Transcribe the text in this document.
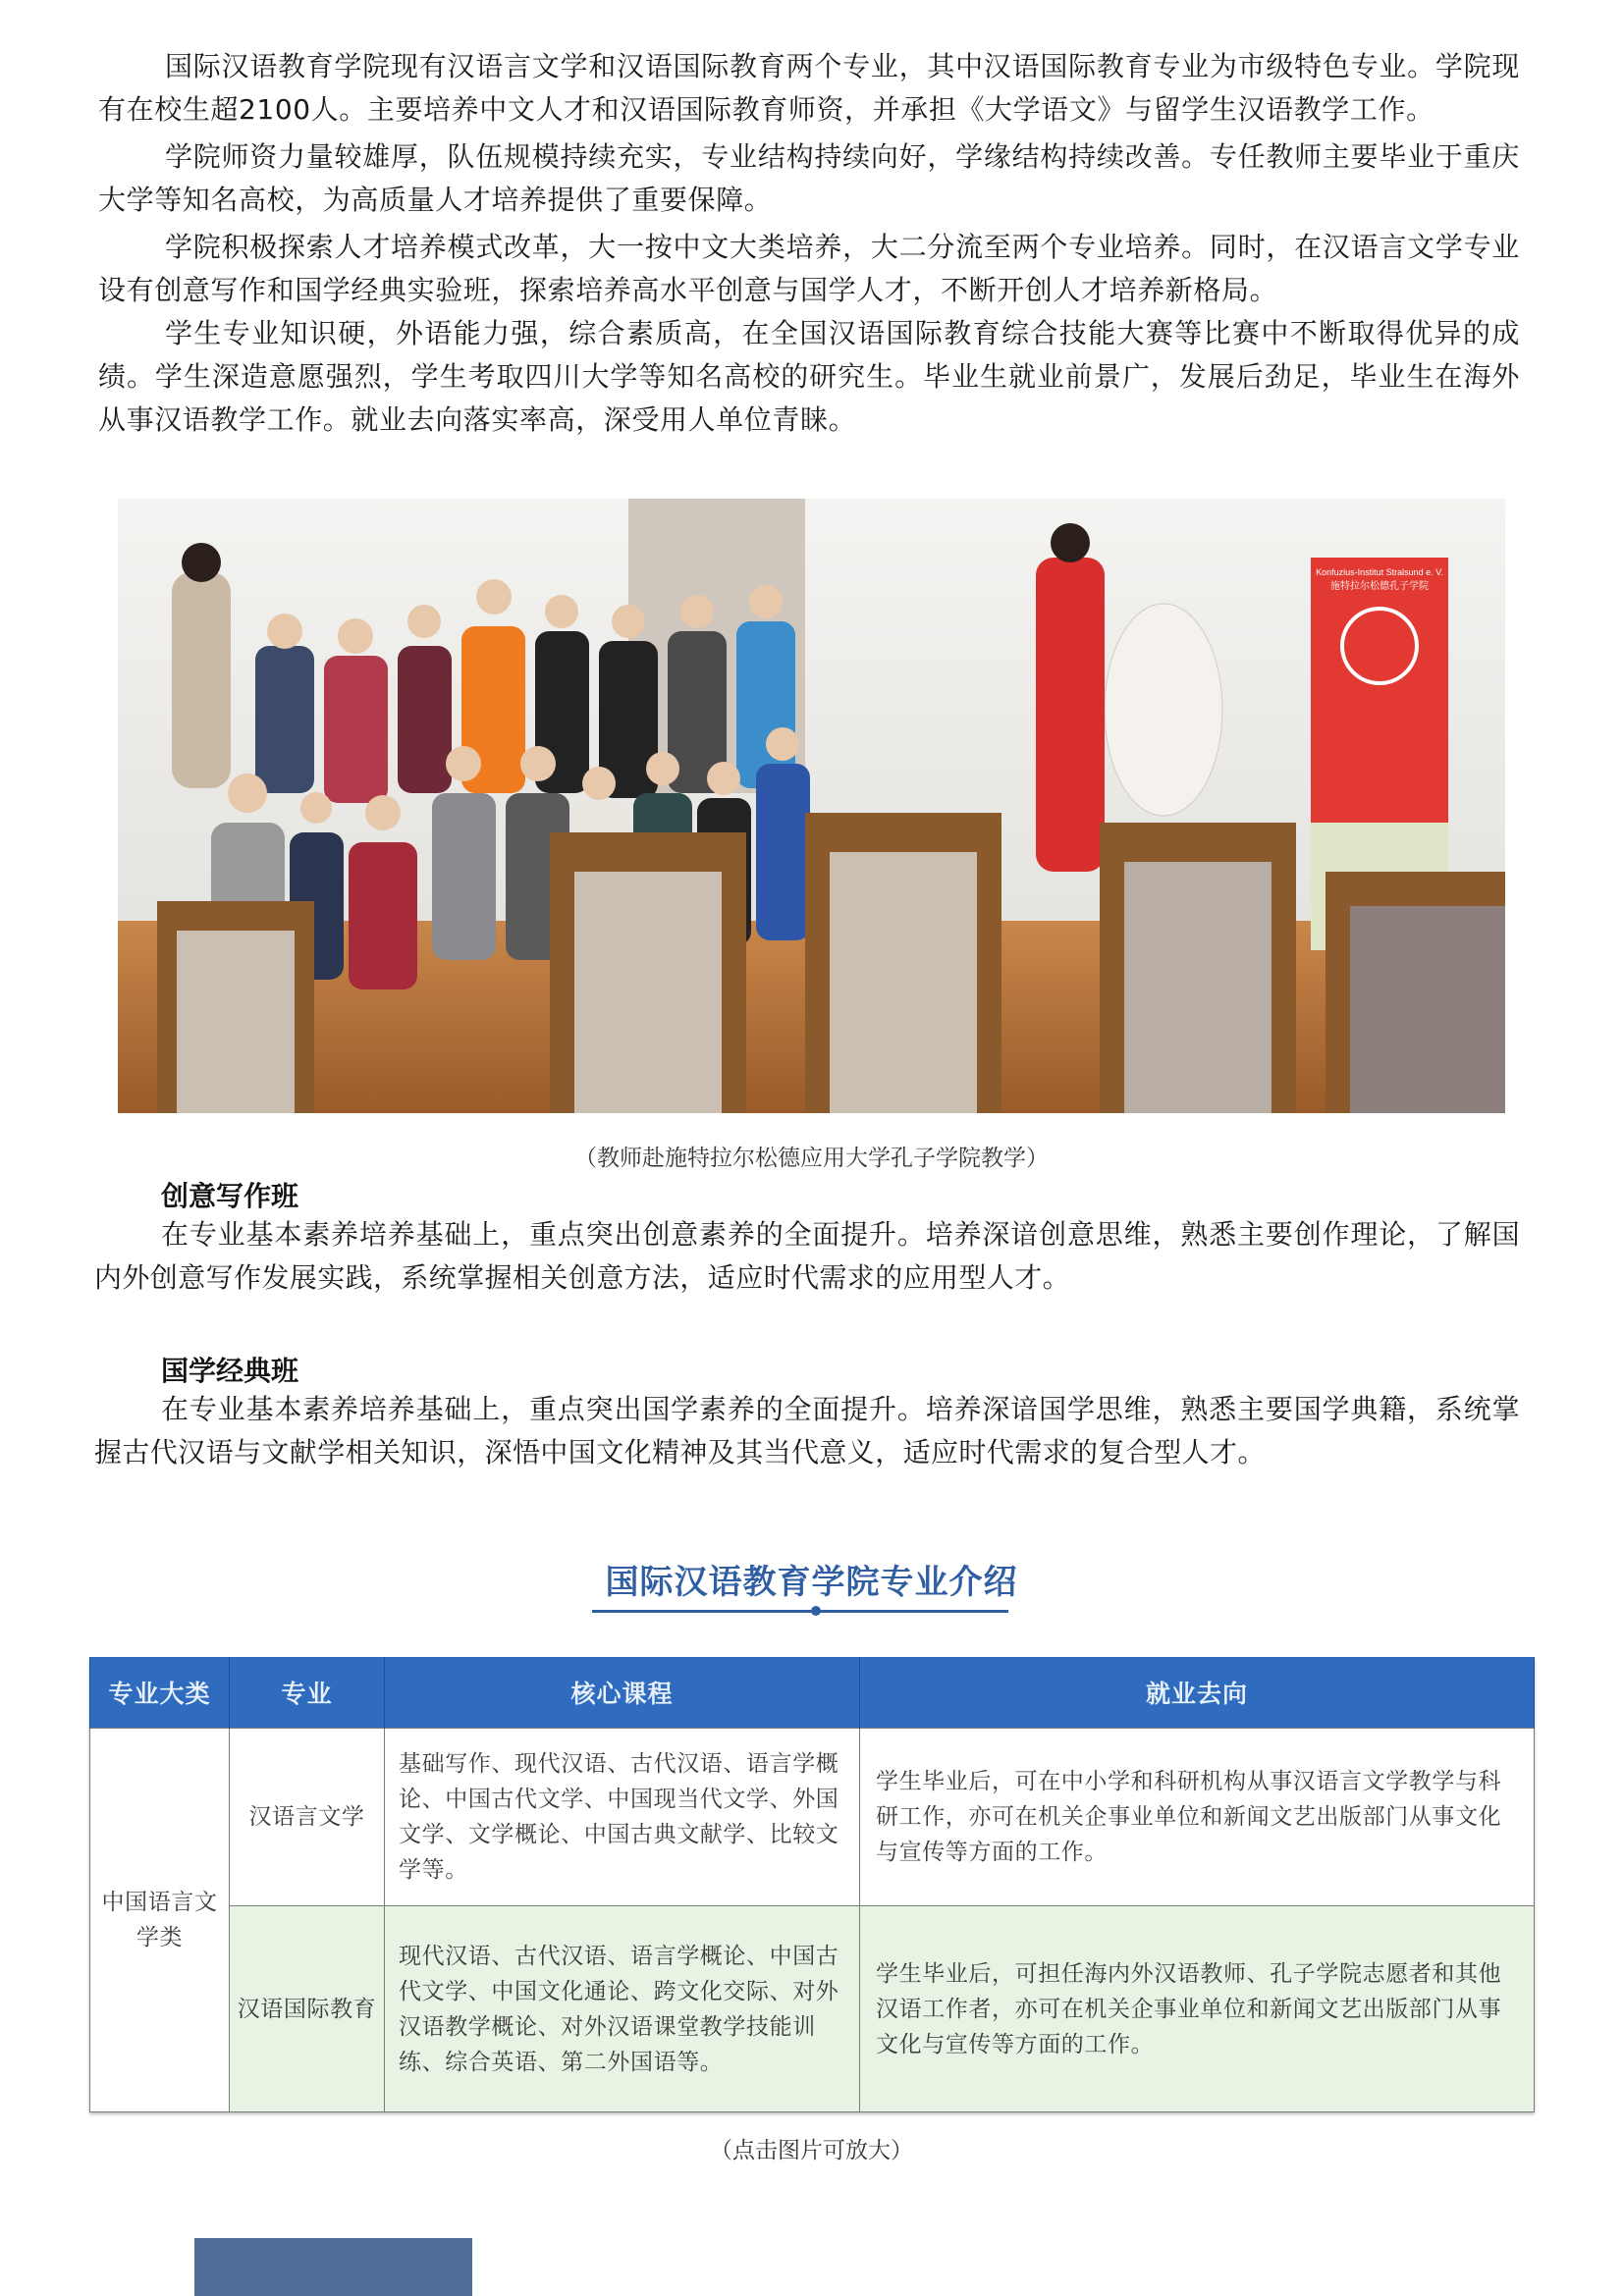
国际汉语教育学院现有汉语言文学和汉语国际教育两个专业，其中汉语国际教育专业为市级特色专业。学院现有在校生超2100人。主要培养中文人才和汉语国际教育师资，并承担《大学语文》与留学生汉语教学工作。

学院师资力量较雄厚，队伍规模持续充实，专业结构持续向好，学缘结构持续改善。专任教师主要毕业于重庆大学等知名高校，为高质量人才培养提供了重要保障。

学院积极探索人才培养模式改革，大一按中文大类培养，大二分流至两个专业培养。同时，在汉语言文学专业设有创意写作和国学经典实验班，探索培养高水平创意与国学人才，不断开创人才培养新格局。

学生专业知识硬，外语能力强，综合素质高，在全国汉语国际教育综合技能大赛等比赛中不断取得优异的成绩。学生深造意愿强烈，学生考取四川大学等知名高校的研究生。毕业生就业前景广，发展后劲足，毕业生在海外从事汉语教学工作。就业去向落实率高，深受用人单位青睐。

Konfuzius-Institut Stralsund e. V.
施特拉尔松德孔子学院
（教师赴施特拉尔松德应用大学孔子学院教学）
创意写作班

在专业基本素养培养基础上，重点突出创意素养的全面提升。培养深谙创意思维，熟悉主要创作理论，了解国内外创意写作发展实践，系统掌握相关创意方法，适应时代需求的应用型人才。

国学经典班

在专业基本素养培养基础上，重点突出国学素养的全面提升。培养深谙国学思维，熟悉主要国学典籍，系统掌握古代汉语与文献学相关知识，深悟中国文化精神及其当代意义，适应时代需求的复合型人才。

国际汉语教育学院专业介绍
专业大类	专业	核心课程	就业去向
中国语言文学类	汉语言文学	基础写作、现代汉语、古代汉语、语言学概论、中国古代文学、中国现当代文学、外国文学、文学概论、中国古典文献学、比较文学等。	学生毕业后，可在中小学和科研机构从事汉语言文学教学与科研工作，亦可在机关企事业单位和新闻文艺出版部门从事文化与宣传等方面的工作。
	汉语国际教育	现代汉语、古代汉语、语言学概论、中国古代文学、中国文化通论、跨文化交际、对外汉语教学概论、对外汉语课堂教学技能训练、综合英语、第二外国语等。	学生毕业后，可担任海内外汉语教师、孔子学院志愿者和其他汉语工作者，亦可在机关企事业单位和新闻文艺出版部门从事文化与宣传等方面的工作。
（点击图片可放大）
